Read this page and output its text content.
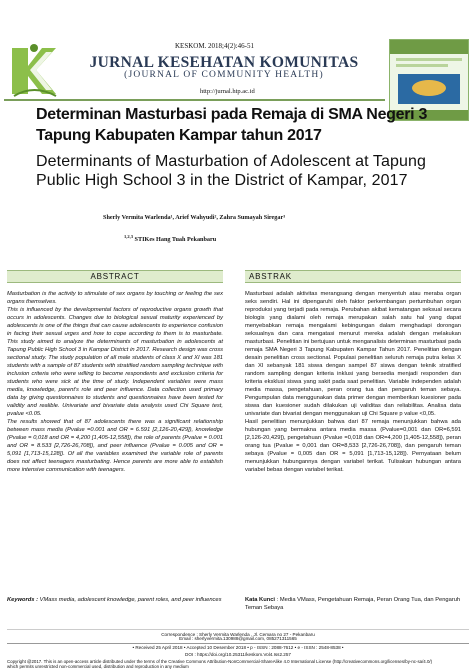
KESKOM. 2018;4(2):46-51
JURNAL KESEHATAN KOMUNITAS
(JOURNAL OF COMMUNITY HEALTH)
http://jurnal.htp.ac.id
Determinan Masturbasi pada Remaja di SMA Negeri 3 Tapung Kabupaten Kampar tahun 2017
Determinants of Masturbation of Adolescent at Tapung Public High School 3 in the District of Kampar, 2017
Sherly Vermita Warlenda¹, Arief Wahyudi², Zahra Sumayah Siregar³
$^{1,2,3}$ STIKes Hang Tuah Pekanbaru
ABSTRACT

Masturbation is the activity to stimulate of sex organs by touching or feeling the sex organs themselves.

This is influenced by the developmental factors of reproductive organs growth that occurs in adolescents. Changes due to biological sexual maturity experienced by adolescents is one of the things that can cause adolescents to experience confusion in facing their sexual urges and how to cope according to them is to masturbate. This study aimed to analyze the determinants of masturbation in adolescents at Tapung Public High School 3 in Kampar District in 2017. Research design was cross sectional study. The study population of all male students of class X and XI was 181 students with a sample of 87 students with stratified random sampling technique with inclusion criteria who were willing to become respondents and exclusion criteria for students who were sick at the time of study. Independent variables were mass media, knowledge, parent's role and peer influence. Data collection used primary data by giving questionnaires to students and questionnaires have been tested for validity and realible. Univariate and bivariate data analysis used Chi Square test, pvalue <0.05.

The results showed that of 87 adolescents there was a significant relationship between mass media (Pvalue =0.001 and OR = 6.591 [2,126-20,429]), knowledge (Pvalue = 0,018 and OR = 4,200 [1,405-12,558]), the role of parents (Pvalue = 0.001 and OR = 8.533 [2,726-26,708]), and peer influence (Pvalue = 0.005 and OR = 5,091 [1,713-15,128]). Of all the variables examined the variable role of parents does not affect teenagers masturbating. Hence parents are more able to establish more intensive communication with teenagers.

ABSTRAK

Masturbasi adalah aktivitas merangsang dengan menyentuh atau meraba organ seks sendiri. Hal ini dipengaruhi oleh faktor perkembangan pertumbuhan organ reproduksi yang terjadi pada remaja. Perubahan akibat kematangan seksual secara biologis yang dialami oleh remaja merupakan salah satu hal yang dapat menyebabkan remaja mengalami kebingungan dalam menghadapi dorongan seksualnya dan cara mengatasi menurut mereka adalah dengan melakukan masturbasi. Penelitian ini bertujuan untuk menganalisis determinan masturbasi pada remaja SMA Negeri 3 Tapung Kabupaten Kampar Tahun 2017. Penelitian dengan desain penelitian cross sectional. Populasi penelitian seluruh remaja putra kelas X dan XI sebanyak 181 siswa dengan sampel 87 siswa dengan teknik stratified random sampling dengan kriteria inklusi yang bersedia menjadi responden dan kriteria eksklusi siswa yang sakit pada saat penelitian. Variable independen adalah media massa, pengetahuan, peran orang tua dan pengaruh teman sebaya. Pengumpulan data menggunakan data primer dengan memberikan kuesioner pada siswa dan kuesioner sudah dilakukan uji validitas dan reliabilitas. Analisa data univariate dan bivariat dengan menggunakan uji Chi Square p value <0,05.

Hasil penelitian menunjukkan bahwa dari 87 remaja menunjukkan bahwa ada hubungan yang bermakna antara media massa (Pvalue=0,001 dan OR=6,591 [2,126-20,429]), pengetahuan (Pvalue =0,018 dan OR=4,200 [1,405-12,558]), peran orang tua (Pvalue = 0,001 dan OR=8,533 [2,726-26,708]), dan pengaruh teman sebaya (Pvalue = 0,005 dan OR = 5,091 [1,713-15,128]). Pernyataan belum menunjukkan hubungannya dengan variabel terikat. Tulisakan hubungan antara variabel bebas dengan variabel terikat.

Keywords : VMass media, adolescent knowledge, parent roles, and peer influences	Kata Kunci : Media VMass, Pengetahuan Remaja, Peran Orang Tua, dan Pengaruh Teman Sebaya
Correspondence : Sherly Vermita Warlenda , Jl. Cemara no 27 - Pekanbaru
Email : sherlyvermita.130988@gmail.com, 085271311565
• Received 25 April 2018 • Accepted 10 Desember 2018 • p - ISSN : 2088-7612 • e - ISSN : 2548-8538 •
DOI : https://doi.org/10.25311/keskom.Vol4.Iss2.257
Copyright @2017. This is an open-access article distributed under the terms of the Creative Commons Attribution-NonCommercial-ShareAlike 4.0 International License (http://creativecommons.org/licenses/by-nc-sa/4.0/)
which permits unrestricted non-commercial used, distribution and reproduction in any medium
